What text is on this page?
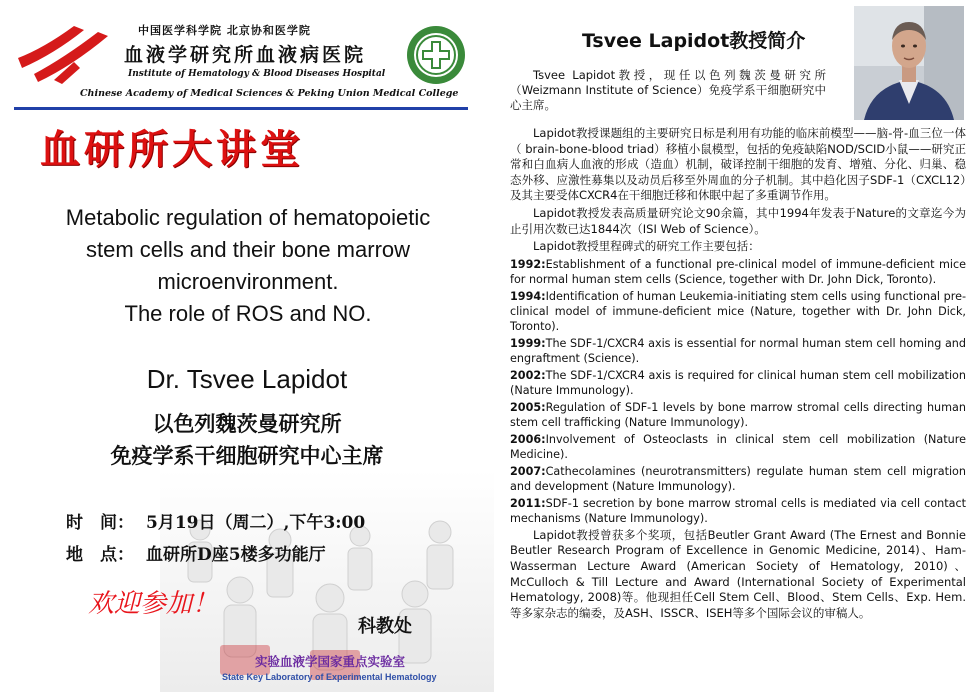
中国医学科学院 北京协和医学院
血液学研究所血液病医院
Institute of Hematology & Blood Diseases Hospital
Chinese Academy of Medical Sciences & Peking Union Medical College
血研所大讲堂
Metabolic regulation of hematopoietic
stem cells and their bone marrow
microenvironment.
The role of ROS and NO.
Dr. Tsvee Lapidot
以色列魏茨曼研究所
免疫学系干细胞研究中心主席
时　间： 5月19日（周二）,下午3:00
地　点： 血研所D座5楼多功能厅
欢迎参加！
科教处
实验血液学国家重点实验室
State Key Laboratory of Experimental Hematology
Tsvee Lapidot教授简介
Tsvee Lapidot教授，现任以色列魏茨曼研究所（Weizmann Institute of Science）免疫学系干细胞研究中心主席。

Lapidot教授课题组的主要研究日标是利用有功能的临床前模型——脑-骨-血三位一体（ brain-bone-blood triad）移植小鼠模型，包括的免疫缺陷NOD/SCID小鼠——研究正常和白血病人血液的形成（造血）机制，破译控制干细胞的发育、增殖、分化、归巢、稳态外移、应激性募集以及动员后移至外周血的分子机制。其中趋化因子SDF-1（CXCL12）及其主要受体CXCR4在干细胞迁移和休眠中起了多重调节作用。

Lapidot教授发表高质量研究论文90余篇，其中1994年发表于Nature的文章迄今为止引用次数已达1844次（ISI Web of Science）。

Lapidot教授里程碑式的研究工作主要包括：

1992:Establishment of a functional pre-clinical model of immune-deficient mice for normal human stem cells (Science, together with Dr. John Dick, Toronto).

1994:Identification of human Leukemia-initiating stem cells using functional pre-clinical model of immune-deficient mice (Nature, together with Dr. John Dick, Toronto).

1999:The SDF-1/CXCR4 axis is essential for normal human stem cell homing and engraftment (Science).

2002:The SDF-1/CXCR4 axis is required for clinical human stem cell mobilization (Nature Immunology).

2005:Regulation of SDF-1 levels by bone marrow stromal cells directing human stem cell trafficking (Nature Immunology).

2006:Involvement of Osteoclasts in clinical stem cell mobilization (Nature Medicine).

2007:Cathecolamines (neurotransmitters) regulate human stem cell migration and development (Nature Immunology).

2011:SDF-1 secretion by bone marrow stromal cells is mediated via cell contact mechanisms (Nature Immunology).

Lapidot教授曾获多个奖项，包括Beutler Grant Award (The Ernest and Bonnie Beutler Research Program of Excellence in Genomic Medicine, 2014)、Ham-Wasserman Lecture Award (American Society of Hematology, 2010)、McCulloch & Till Lecture and Award (International Society of Experimental Hematology, 2008)等。他现担任Cell Stem Cell、Blood、Stem Cells、Exp. Hem.等多家杂志的编委，及ASH、ISSCR、ISEH等多个国际会议的审稿人。
